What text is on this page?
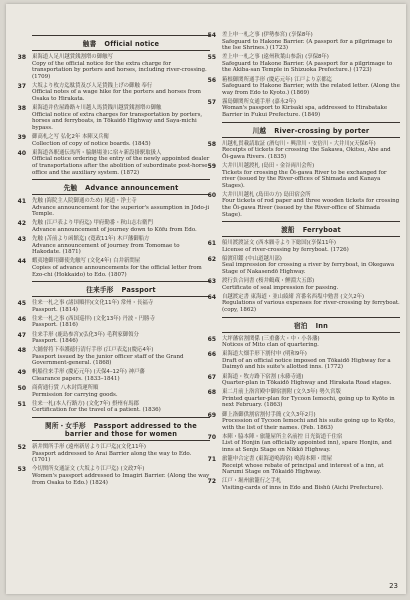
触書 Official notice
38 東海道人足川越賃銭割増の御触写
Copy of the official notice for the extra charge for transportation by porters and horses, including river-crossing. (1709)
37 大坂より枚方迄駄賃及び人足賃銭上げの御触 奉行
Official notes of a wage hike for the porters and horses from Osaka to Hirakata.
38 東海道并佐屋路路々川越人馬賃銭川越賃銭割増の御触
Official notice of extra charges for transportation by porters, horses and ferryboats, in Tōkaidō Highway and Saya-michi bypass.
39 御高札之写 弘化2年 本陣又兵衛
Collection of copy of notice boards. (1845)
40 東海道各駅通伝馬所・脇継場並に宿々新設掛駅取扱人
Official notice ordering the entry of the newly appointed dealer of transportations after the abolition of subordinate post-horse office and the auxiliary system. (1872)
先触 Advance announcement
41 先触 (海院主人院御通のため) 尾道・浄土寺
Advance announcement for the superior's assumption in Jōdo-ji Temple.
42 先触 (江戸表より甲府迄) 甲府勤番・秋山志右衛門
Advance announcement of journey down to Kōfu from Edo.
43 先触 (苫前より函館迄) (寛政11年) 木戸藩御船方
Advance announcement of journey from Tomomae to Hakodate. (1871)
44 蝦夷地御用御使先触写 (文化4年) 白井新問屋
Copies of advance announcements for the official letter from Ezo-chi (Hokkaido) to Edo. (1807)
往来手形 Passport
45 往来一札之事 (諸国順拝)(文化11年) 常州・長福寺
Passport. (1814)
46 往来一札之事 (西国巡拝) (文化13年) 丹波・円勝寺
Passport. (1816)
47 往来手形 (鹿島参宮)(弘化3年) 毛利家御領分
Passport. (1846)
48 大鋪督将下奉護徳行清行手形 (江戸表迄)(慶応4年)
Passport issued by the junior officer staff of the Grand Government-general. (1868)
49 帆船往来手形 (慶応元年) (天保4–12年) 神戸藩
Clearance papers. (1833–1841)
50 商荷通行賃 八木封筒運所順
Permission for carrying goods.
51 往来一札(本人行路方) (文化7年) 摂州有馬郡
Certification for the travel of a patient. (1836)
関所・女手形 Passport addressed to the barrier and those for women
52 新井関所手形 (遠州新居より江戸迄)(文化11年)
Passport addressed to Arai Barrier along the way to Edo. (1701)
53 今切関所女通証文 (大坂より江戸迄) (文政7年)
Women's passport addressed to Imagiri Barrier. (Along the way from Osaka to Edo.) (1824)
54 差上申一札之事 (伊勢参宮) (享保8年)
Safeguard to Hakone Barrier. (A passport for a pilgrimage to the Ise Shrines.) (1723)
55 差上申一札之事 (遠州秋葉山参詣) (享保8年)
Safeguard to Hakone Barrier. (A passport for a pilgrimage to the Akiba-san Temple in Shizuoka Prefecture.) (1723)
56 箱根御関所通手形 (慶応元年) 江戸より京都迄
Safeguard to Hakone Barrier, with the related letter. (Along the way from Edo to Kyoto.) (1869)
57 霧島御関所女通手形 (嘉永2年)
Woman's passport to Kirisaki spa, addressed to Hirabatake Barrier in Fukui Prefecture. (1849)
川越 River-crossing by porter
58 川越札貫載請取証 (酒匂川・興津川・安倍川・大井川)(天保6年)
Receipts of tickets for crossing the Sakawa, Okitsu, Abe and Ōi-gawa Rivers. (1835)
59 大井川川越渡札 (島田・金谷両川会所)
Tickets for crossing the Ōi-gawa River to be exchanged for river (issued by the River-offices of Shimada and Kanaya Stages).
60 大井川川越札 (島田の方) 島田宿会所
Four tickets of rod paper and three wooden tickets for crossing the Ōi-gawa River (issued by the River-office of Shimada Stage).
渡船 Ferryboat
61 船川渡渡証文 (西本願寺より下総国)(享保11年)
License of river-crossing by ferryboat. (1726)
62 船渡印鑑 (中山道越川部)
Seal impression for crossing a river by ferryboat, in Okegawa Stage of Nakasendō Highway.
63 渡行負合同書 (桜井鶴蔵・鯉淵大五郎)
Certificate of seal impression for passing.
64 自越渡定書 東海道・並山綾緒 宮番名西塩中勉書 (文久2年)
Regulations of various expenses for river-crossing by ferryboat. (copy, 1862)
宿泊 Inn
65 大坪藩宿割関係 (三重藩大・中・小各藩)
Notices of Mito clan of quartering.
66 東海道大畑手形下割付申 (明和9年)
Draft of an official notice imposed on Tōkaidō Highway for a Daimyō and his suite's allotted inns. (1772)
67 東海道・牧方路下宿割 (永藤寺通)
Quarter-plan in Tōkaidō Highway and Hirakata Road stages.
68 東二月前上洛宮殿中御宿割附 (文久3年) 勢久宮版
Printed quarter-plan for Tycoon Iemochi, going up to Kyōto in next February. (1863)
69 御上洛御供割宿割付手簡 (文久3年2月)
Procession of Tycoon Iemochi and his suite going up to Kyōto, with the list of their names. (Feb. 1863)
70 本陣・脇本陣・旅籠屋所主名前控 日光街道千住宿
List of Honjin (an officially appointed inn), spare Honjin, and inns at Senju Stage on Nikkō Highway.
71 旅籠申合定書 (東海道鳴海宿) 鳴海本陣・問屋
Receipt whose rebate of principal and interest of a inn, at Narumi Stage on Tōkaidō Highway.
72 江戸・堀州旅籠行之手札
Visiting-cards of inns in Edo and Bishū (Aichi Prefecture).
23
